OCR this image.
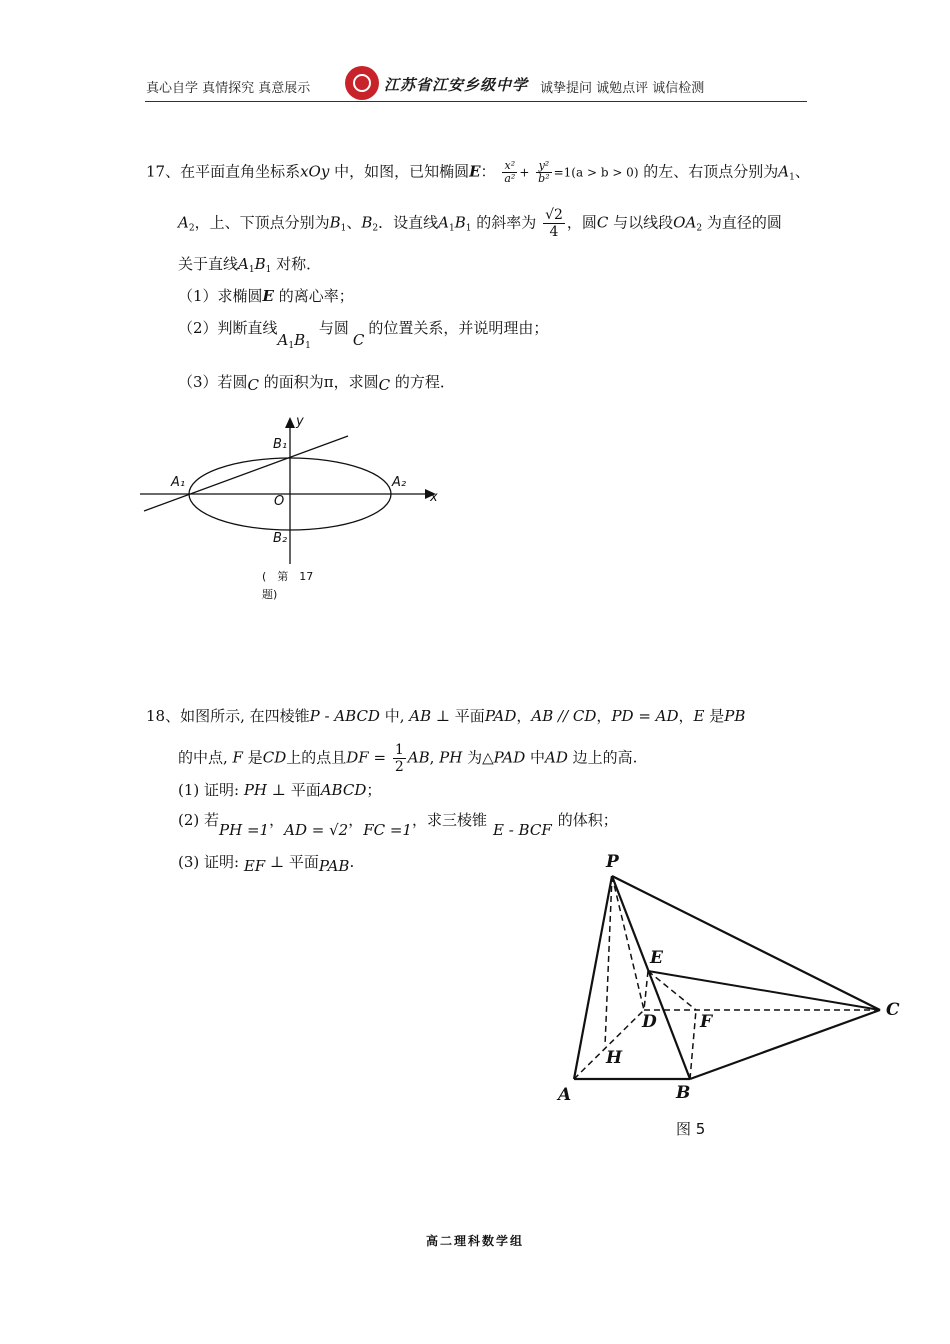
真心自学 真情探究 真意展示	江苏省江安乡级中学 诚挚提问 诚勉点评 诚信检测
17、在平面直角坐标系xOy 中，如图，已知椭圆E： $\frac{\text{x²}}{\text{a²}} + \frac{\text{y²}}{\text{b²}} =1(a > b > 0)$ 的左、右顶点分别为$A_1$、
$A_2$，上、下顶点分别为$B_1$、$B_2$．设直线$A_1B_1$ 的斜率为 $\frac{√2}{4}$ ，圆C 与以线段$OA_2$ 为直径的圆
关于直线$A_1B_1$ 对称．
（1）求椭圆E 的离心率；
（2）判断直线$A_1B_1$与圆C的位置关系，并说明理由；
（3）若圆C 的面积为π，求圆C 的方程．
y
x
O
A₁	A₂
B₁
B₂
(　第　17
题)
18、如图所示, 在四棱锥P - ABCD 中, AB ⊥ 平面PAD，AB // CD，PD = AD，E 是PB
的中点, F 是CD上的点且DF = $\frac{1}{2}$ AB, PH 为△PAD 中AD 边上的高.
(1) 证明: PH ⊥ 平面ABCD；
(2) 若PH =1，AD = √2，FC =1，求三棱锥E - BCF的体积；
(3) 证明: EF ⊥ 平面PAB.	P
E
D	F
C
H
A	B
图 5
高二理科数学组
